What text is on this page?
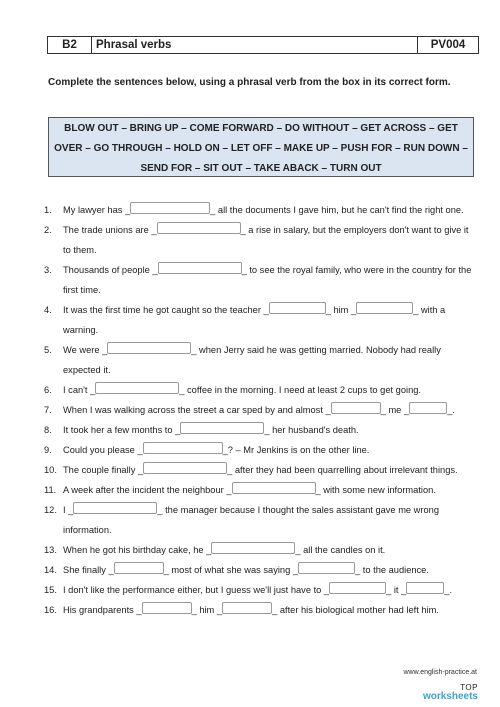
B2	Phrasal verbs	PV004
Complete the sentences below, using a phrasal verb from the box in its correct form.
BLOW OUT – BRING UP – COME FORWARD – DO WITHOUT – GET ACROSS – GET OVER – GO THROUGH – HOLD ON – LET OFF – MAKE UP – PUSH FOR – RUN DOWN – SEND FOR – SIT OUT – TAKE ABACK – TURN OUT
1.	My lawyer has _	_ all the documents I gave him, but he can't find the right one.
2.	The trade unions are _	_ a rise in salary, but the employers don't want to give it to them.
3.	Thousands of people _	_ to see the royal family, who were in the country for the first time.
4.	It was the first time he got caught so the teacher _	_ him _	_ with a warning.
5.	We were _	_ when Jerry said he was getting married. Nobody had really expected it.
6.	I can't _	_ coffee in the morning. I need at least 2 cups to get going.
7.	When I was walking across the street a car sped by and almost _	_ me _	_.
8.	It took her a few months to _	_ her husband's death.
9.	Could you please _	_? – Mr Jenkins is on the other line.
10. The couple finally _	_ after they had been quarrelling about irrelevant things.
11. A week after the incident the neighbour _	_ with some new information.
12. I _	_ the manager because I thought the sales assistant gave me wrong information.
13. When he got his birthday cake, he _	_ all the candles on it.
14. She finally _	_ most of what she was saying _	_ to the audience.
15. I don't like the performance either, but I guess we'll just have to _	_ it _	_.
16. His grandparents _	_ him _	_ after his biological mother had left him.
www.english-practice.at
TOP
worksheets
